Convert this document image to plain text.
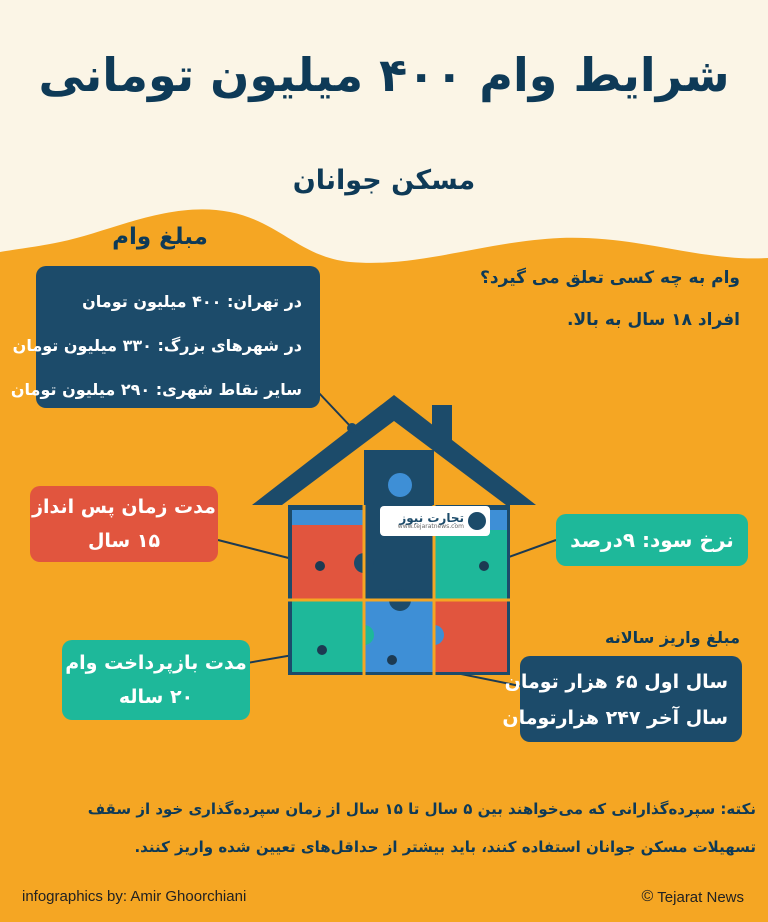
شرایط وام ۴۰۰ میلیون تومانی
مسکن جوانان
مبلغ وام
در تهران: ۴۰۰ میلیون تومان
در شهرهای بزرگ: ۳۳۰ میلیون تومان
سایر نقاط شهری: ۲۹۰ میلیون تومان
وام به چه کسی تعلق می گیرد؟
افراد ۱۸ سال به بالا.
تجارت نیوز
www.tejaratnews.com
مدت زمان پس انداز
۱۵ سال	نرخ سود: ۹درصد
مدت بازپرداخت وام
۲۰ ساله
مبلغ واریز سالانه
سال اول ۶۵ هزار تومان
سال آخر ۲۴۷ هزارتومان
نکته: سپرده‌گذارانی که می‌خواهند بین ۵ سال تا ۱۵ سال از زمان سپرده‌گذاری خود از سقف
تسهیلات مسکن جوانان استفاده کنند، باید بیشتر از حداقل‌های تعیین شده واریز کنند.
infographics by: Amir Ghoorchiani	© Tejarat News
